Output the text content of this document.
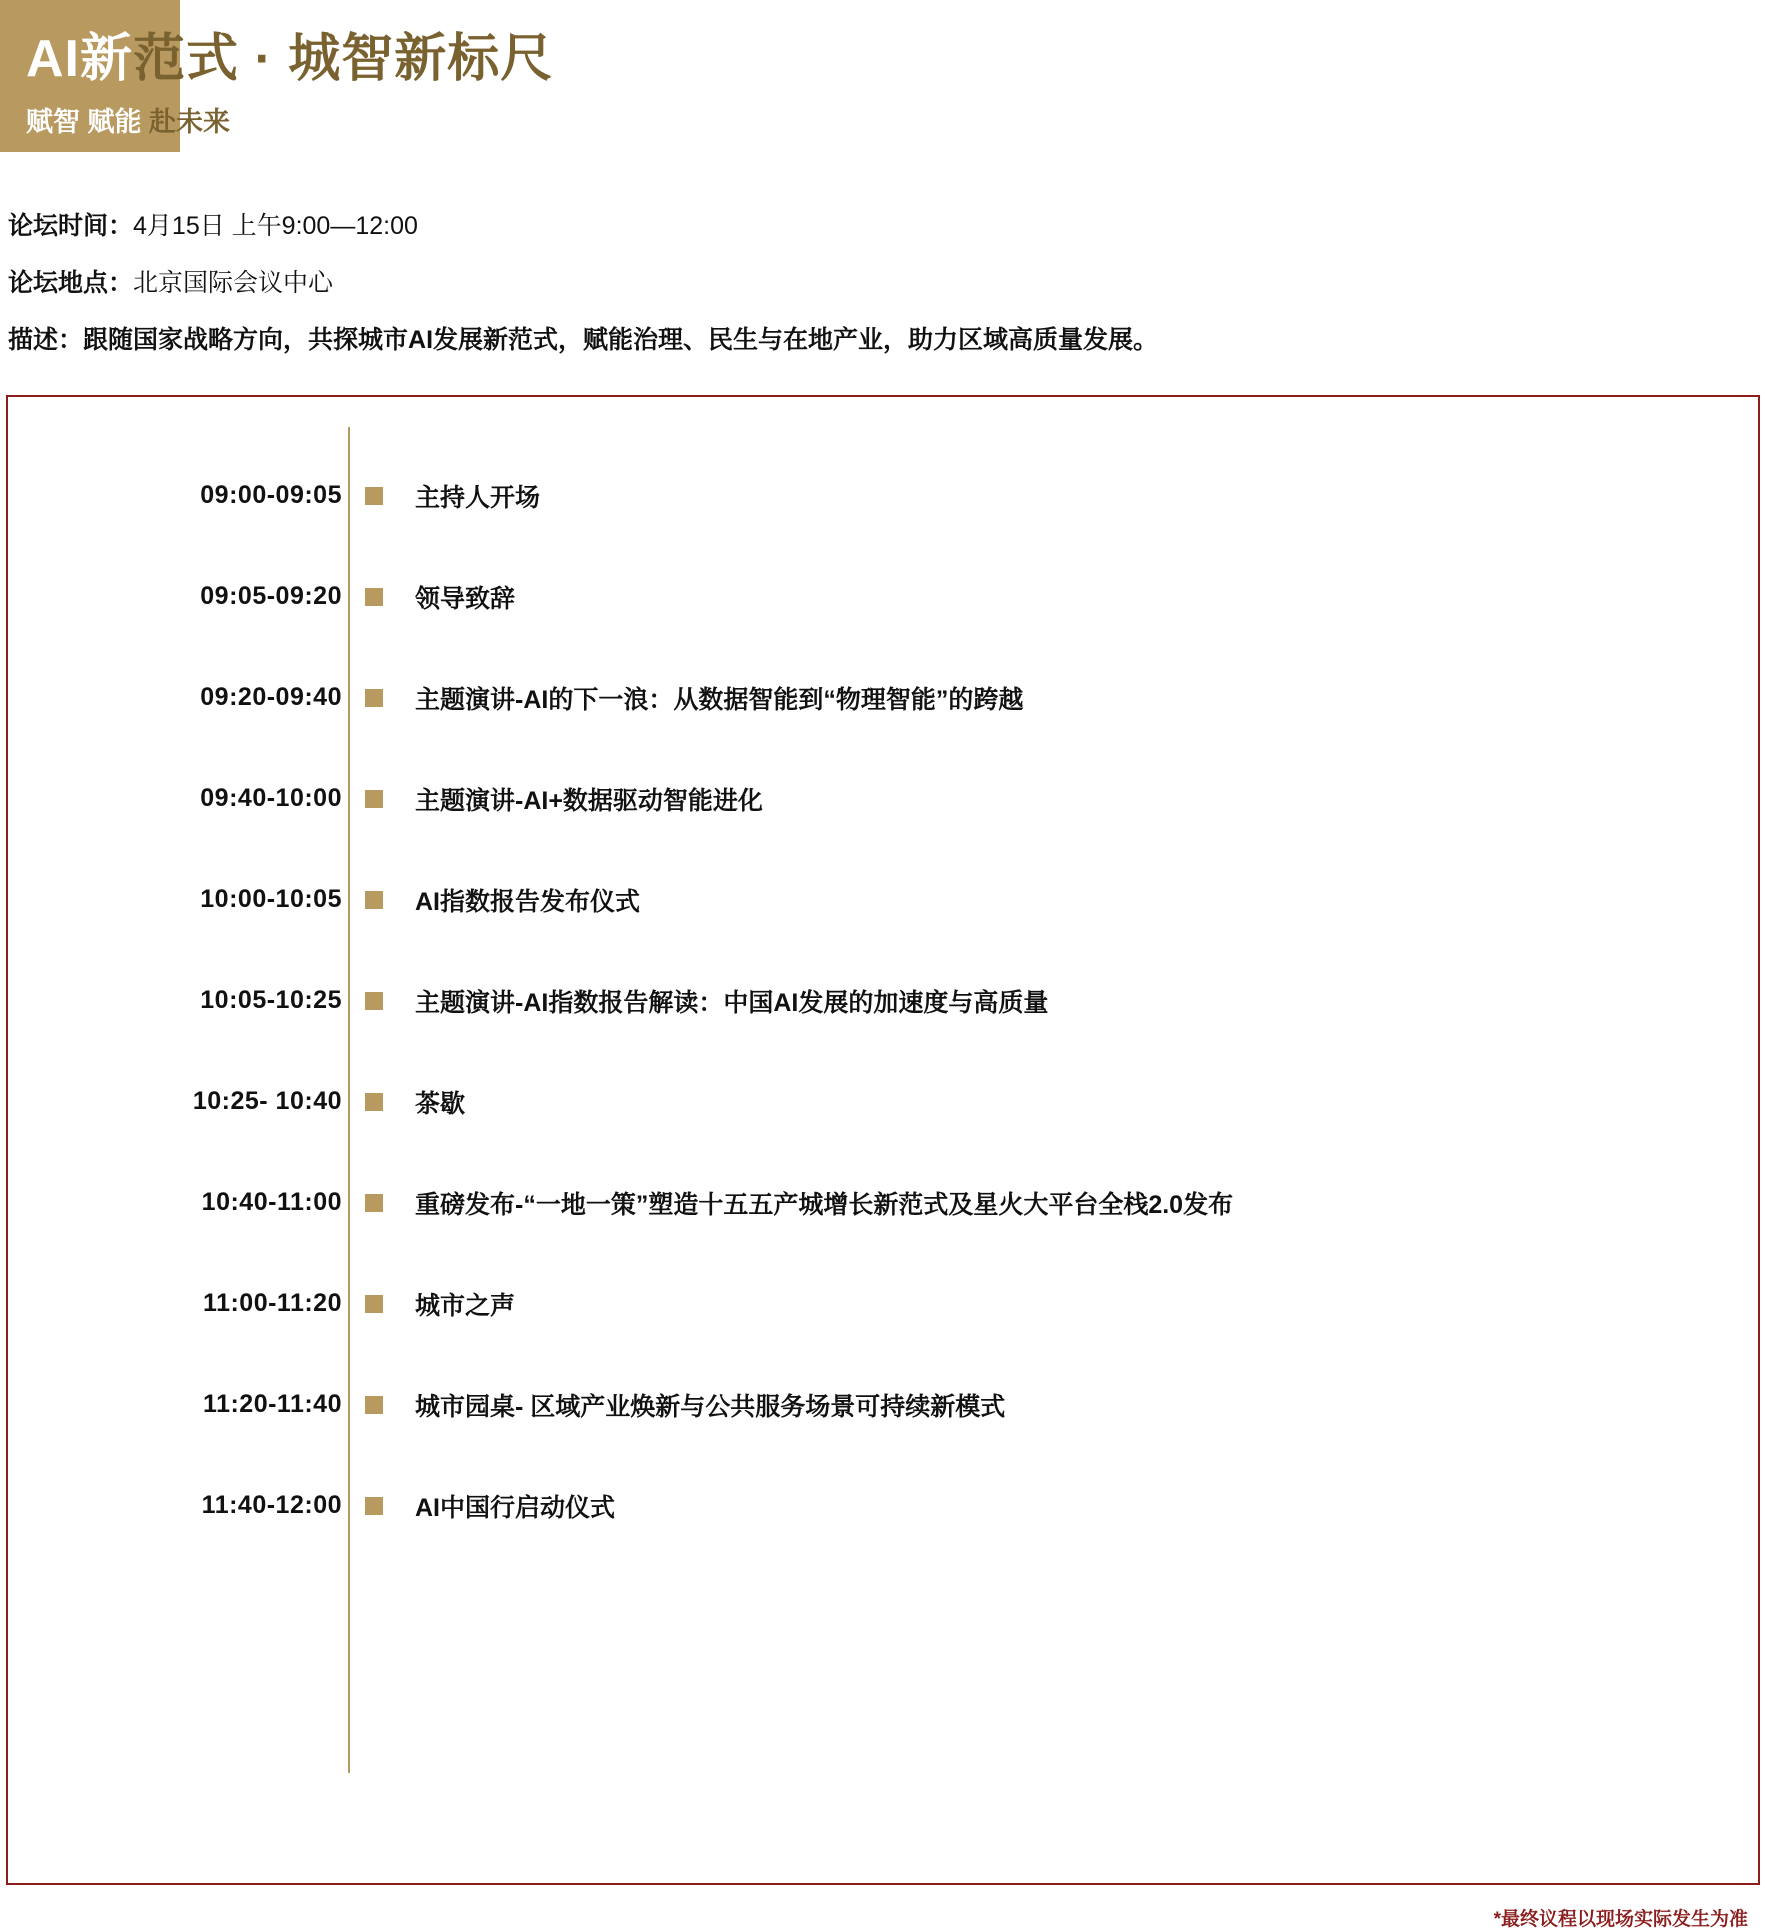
AI新范式 · 城智新标尺
赋智 赋能 赴未来
论坛时间：4月15日 上午9:00—12:00
论坛地点：北京国际会议中心
描述：跟随国家战略方向，共探城市AI发展新范式，赋能治理、民生与在地产业，助力区域高质量发展。
09:00-09:05	主持人开场
09:05-09:20	领导致辞
09:20-09:40	主题演讲-AI的下一浪：从数据智能到“物理智能”的跨越
09:40-10:00	主题演讲-AI+数据驱动智能进化
10:00-10:05	AI指数报告发布仪式
10:05-10:25	主题演讲-AI指数报告解读：中国AI发展的加速度与高质量
10:25- 10:40	茶歇
10:40-11:00	重磅发布-“一地一策”塑造十五五产城增长新范式及星火大平台全栈2.0发布
11:00-11:20	城市之声
11:20-11:40	城市园桌- 区域产业焕新与公共服务场景可持续新模式
11:40-12:00	AI中国行启动仪式
*最终议程以现场实际发生为准
